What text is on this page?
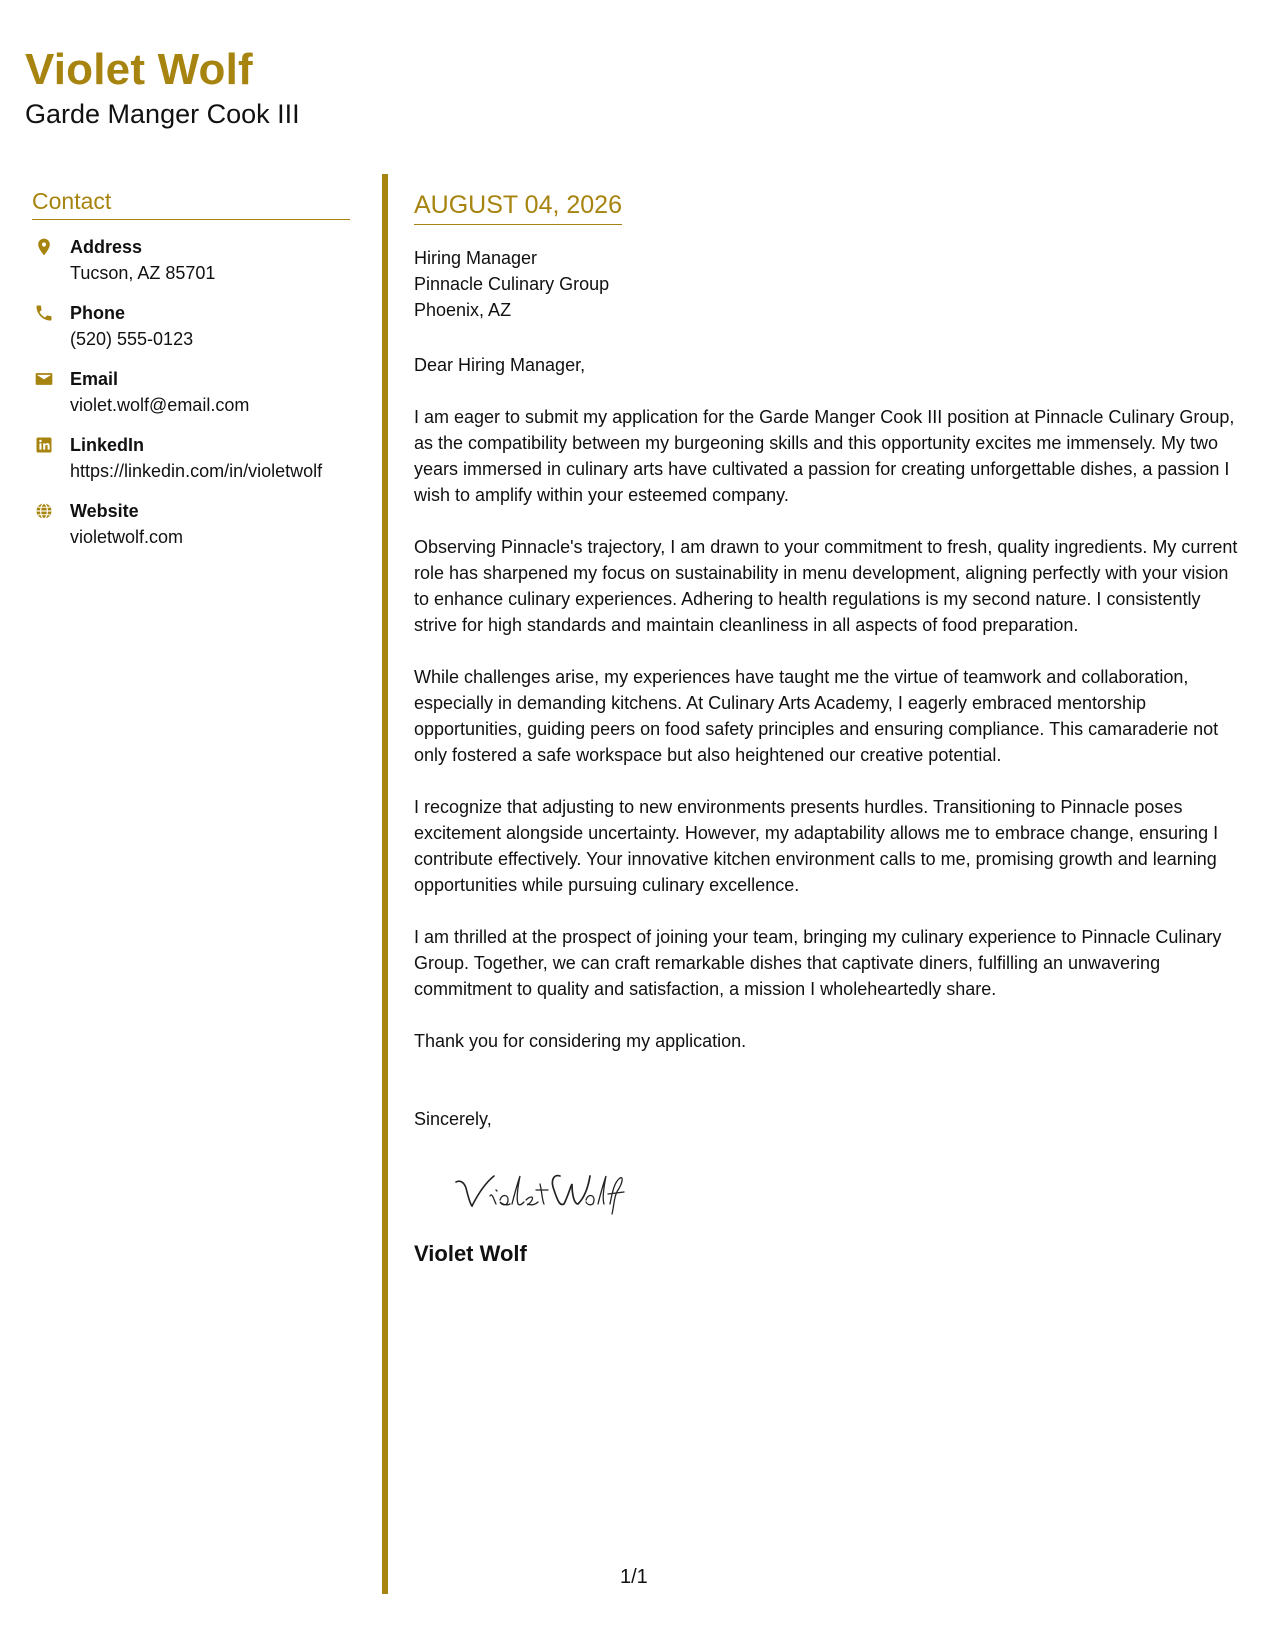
Violet Wolf
Garde Manger Cook III
Contact
Address
Tucson, AZ 85701
Phone
(520) 555-0123
Email
violet.wolf@email.com
LinkedIn
https://linkedin.com/in/violetwolf
Website
violetwolf.com
AUGUST 04, 2026
Hiring Manager
Pinnacle Culinary Group
Phoenix, AZ
Dear Hiring Manager,

I am eager to submit my application for the Garde Manger Cook III position at Pinnacle Culinary Group, as the compatibility between my burgeoning skills and this opportunity excites me immensely. My two years immersed in culinary arts have cultivated a passion for creating unforgettable dishes, a passion I wish to amplify within your esteemed company.

Observing Pinnacle's trajectory, I am drawn to your commitment to fresh, quality ingredients. My current role has sharpened my focus on sustainability in menu development, aligning perfectly with your vision to enhance culinary experiences. Adhering to health regulations is my second nature. I consistently strive for high standards and maintain cleanliness in all aspects of food preparation.

While challenges arise, my experiences have taught me the virtue of teamwork and collaboration, especially in demanding kitchens. At Culinary Arts Academy, I eagerly embraced mentorship opportunities, guiding peers on food safety principles and ensuring compliance. This camaraderie not only fostered a safe workspace but also heightened our creative potential.

I recognize that adjusting to new environments presents hurdles. Transitioning to Pinnacle poses excitement alongside uncertainty. However, my adaptability allows me to embrace change, ensuring I contribute effectively. Your innovative kitchen environment calls to me, promising growth and learning opportunities while pursuing culinary excellence.

I am thrilled at the prospect of joining your team, bringing my culinary experience to Pinnacle Culinary Group. Together, we can craft remarkable dishes that captivate diners, fulfilling an unwavering commitment to quality and satisfaction, a mission I wholeheartedly share.

Thank you for considering my application.

Sincerely,
Violet Wolf
1/1
